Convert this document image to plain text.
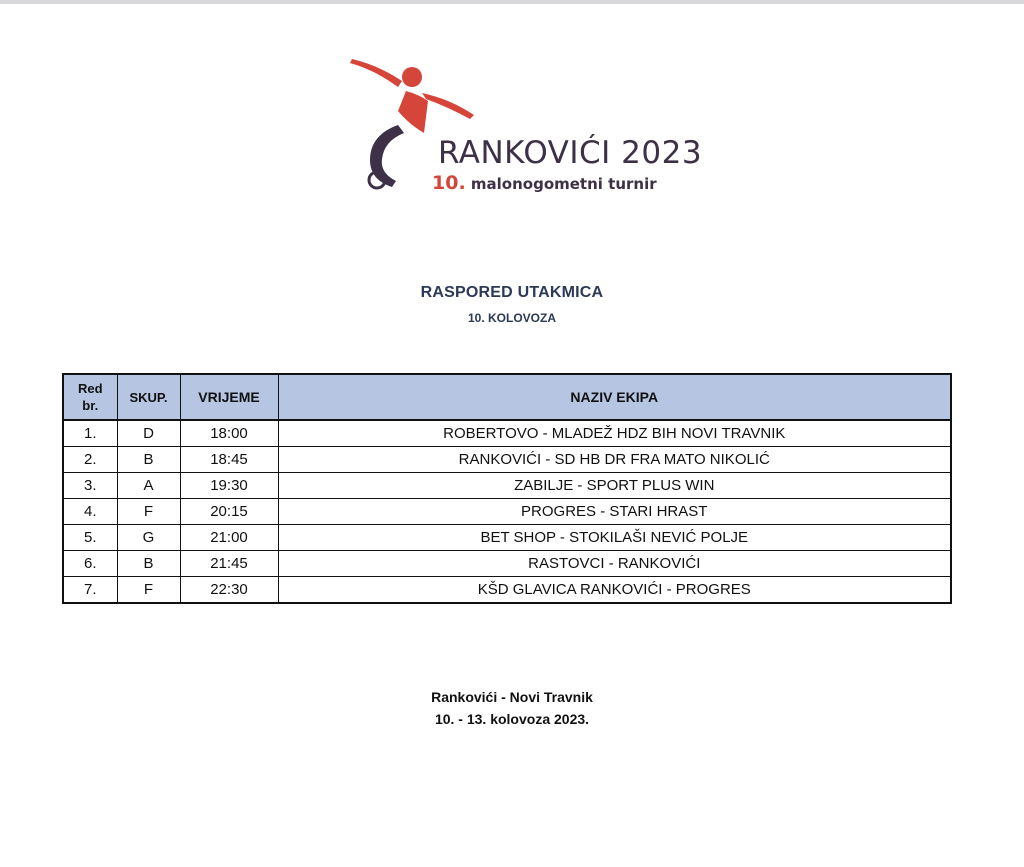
RANKOVIĆI 2023
10. malonogometni turnir
RASPORED UTAKMICA
10. KOLOVOZA
Red
br.	SKUP.	VRIJEME	NAZIV EKIPA
1.	D	18:00	ROBERTOVO - MLADEŽ HDZ BIH NOVI TRAVNIK
2.	B	18:45	RANKOVIĆI - SD HB DR FRA MATO NIKOLIĆ
3.	A	19:30	ZABILJE - SPORT PLUS WIN
4.	F	20:15	PROGRES - STARI HRAST
5.	G	21:00	BET SHOP - STOKILAŠI NEVIĆ POLJE
6.	B	21:45	RASTOVCI - RANKOVIĆI
7.	F	22:30	KŠD GLAVICA RANKOVIĆI - PROGRES
Rankovići - Novi Travnik
10. - 13. kolovoza 2023.
